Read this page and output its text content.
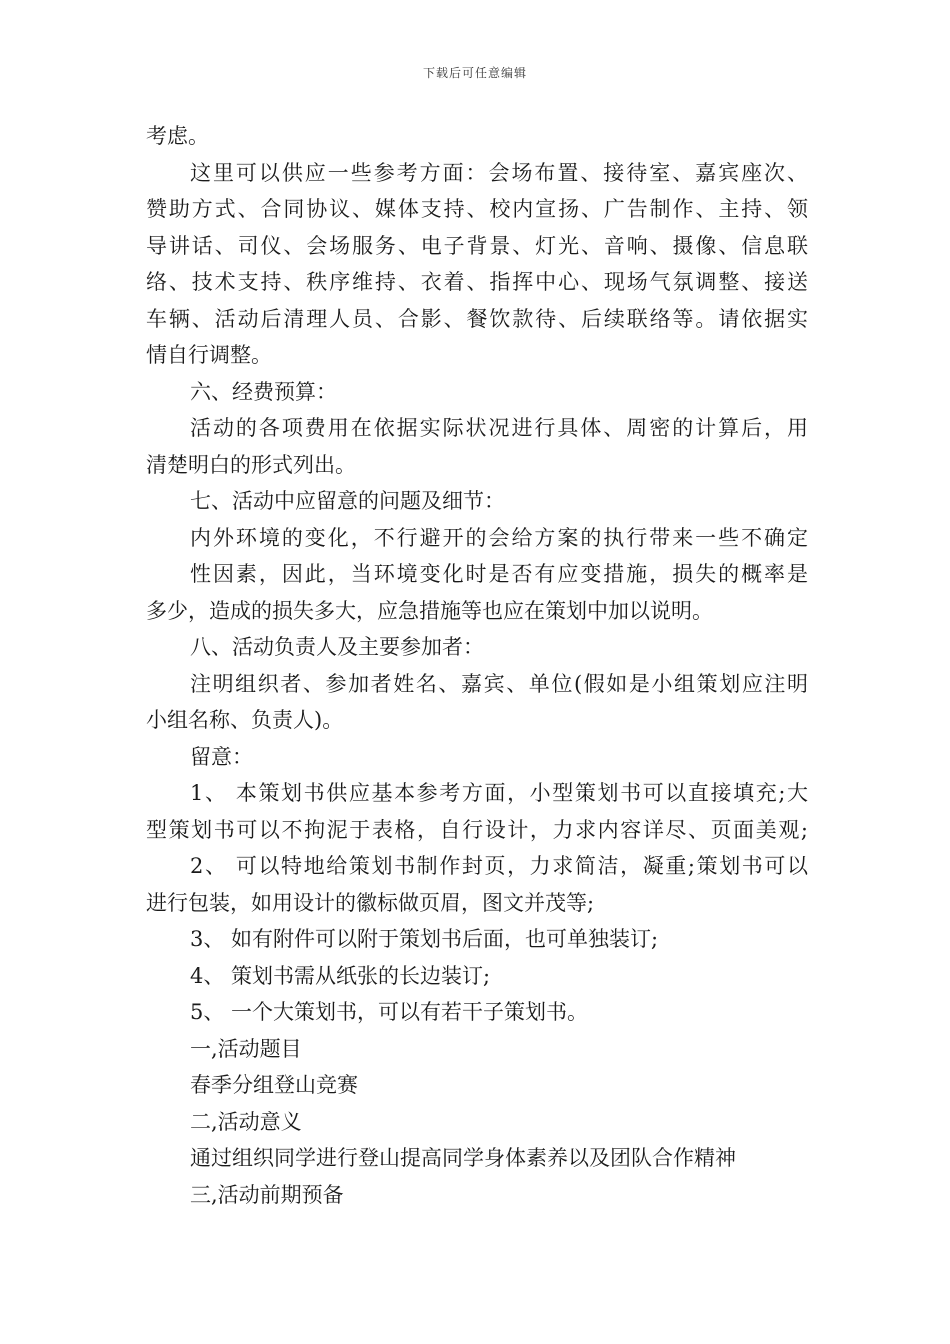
下载后可任意编辑
考虑。
这里可以供应一些参考方面：会场布置、接待室、嘉宾座次、
赞助方式、合同协议、媒体支持、校内宣扬、广告制作、主持、领
导讲话、司仪、会场服务、电子背景、灯光、音响、摄像、信息联
络、技术支持、秩序维持、衣着、指挥中心、现场气氛调整、接送
车辆、活动后清理人员、合影、餐饮款待、后续联络等。请依据实
情自行调整。
六、经费预算：
活动的各项费用在依据实际状况进行具体、周密的计算后，用
清楚明白的形式列出。
七、活动中应留意的问题及细节：
内外环境的变化，不行避开的会给方案的执行带来一些不确定
性因素，因此，当环境变化时是否有应变措施，损失的概率是
多少，造成的损失多大，应急措施等也应在策划中加以说明。
八、活动负责人及主要参加者：
注明组织者、参加者姓名、嘉宾、单位(假如是小组策划应注明
小组名称、负责人)。
留意：
1、 本策划书供应基本参考方面，小型策划书可以直接填充;大
型策划书可以不拘泥于表格，自行设计，力求内容详尽、页面美观;
2、 可以特地给策划书制作封页，力求简洁，凝重;策划书可以
进行包装，如用设计的徽标做页眉，图文并茂等;
3、 如有附件可以附于策划书后面，也可单独装订;
4、 策划书需从纸张的长边装订;
5、 一个大策划书，可以有若干子策划书。
一,活动题目
春季分组登山竞赛
二,活动意义
通过组织同学进行登山提高同学身体素养以及团队合作精神
三,活动前期预备
